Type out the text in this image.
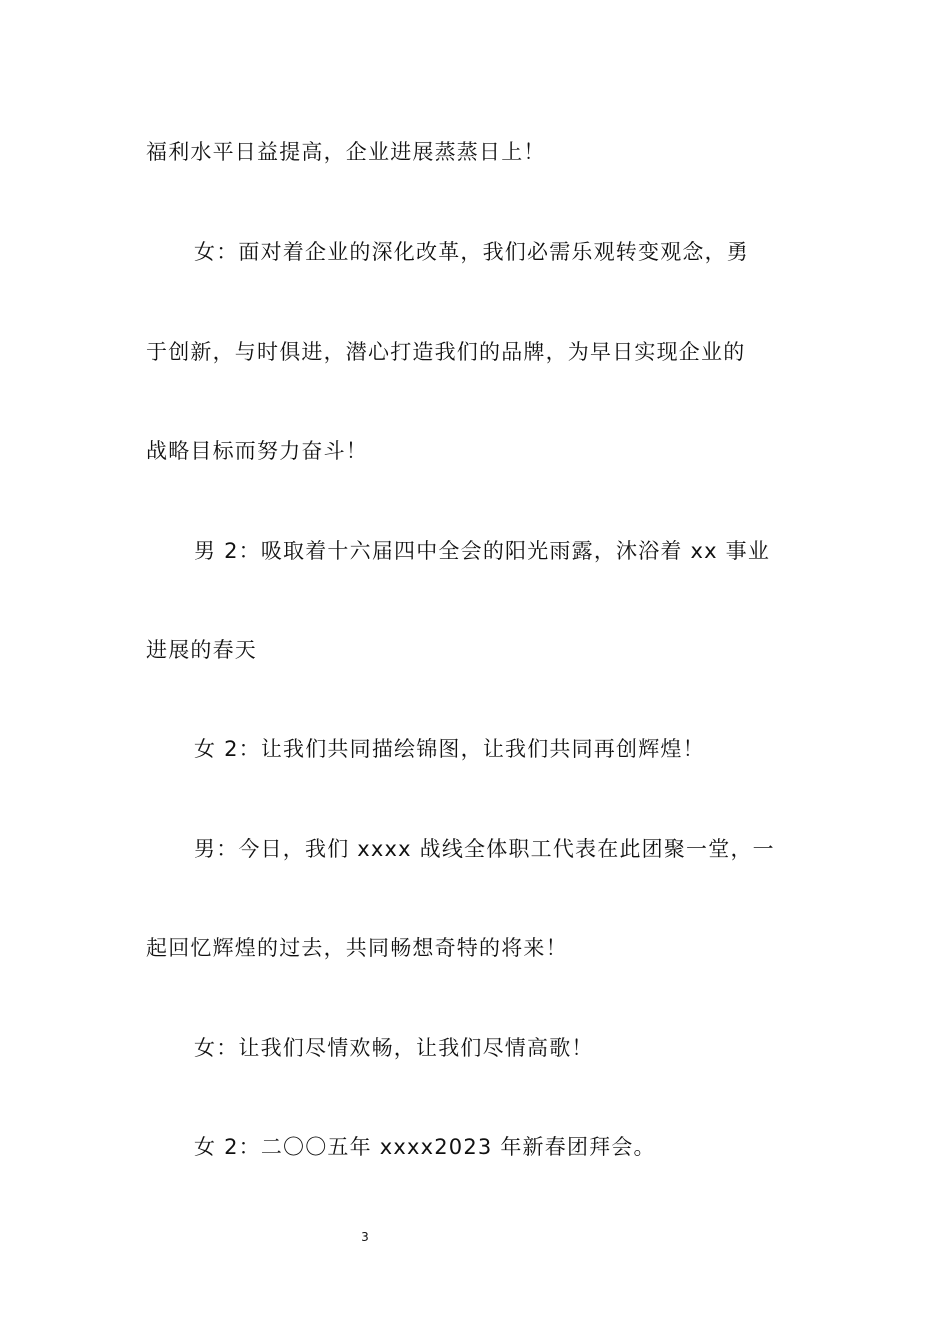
福利水平日益提高，企业进展蒸蒸日上！
女：面对着企业的深化改革，我们必需乐观转变观念，勇
于创新，与时俱进，潜心打造我们的品牌，为早日实现企业的
战略目标而努力奋斗！
男 2：吸取着十六届四中全会的阳光雨露，沐浴着 xx 事业
进展的春天
女 2：让我们共同描绘锦图，让我们共同再创辉煌！
男：今日，我们 xxxx 战线全体职工代表在此团聚一堂，一
起回忆辉煌的过去，共同畅想奇特的将来！
女：让我们尽情欢畅，让我们尽情高歌！
女 2：二〇〇五年 xxxx2023 年新春团拜会。
3
